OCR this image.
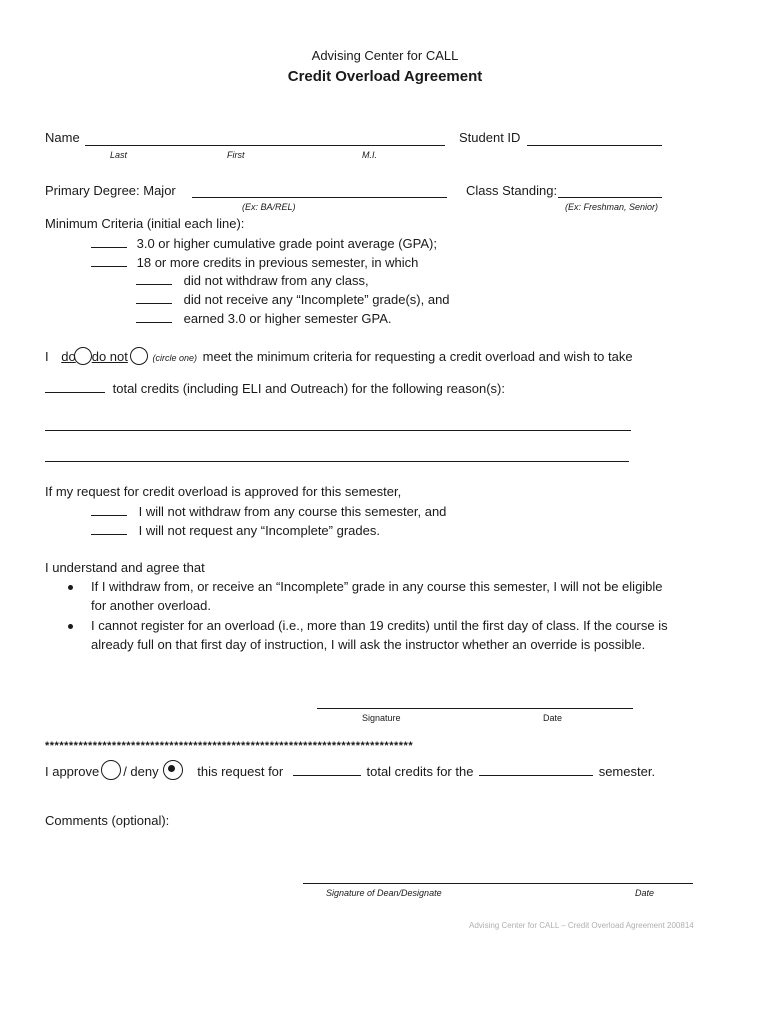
Advising Center for CALL
Credit Overload Agreement
Name
Last	First	M.I.
Student ID
Primary Degree: Major
(Ex: BA/REL)
Class Standing:
(Ex: Freshman, Senior)
Minimum Criteria (initial each line):
3.0 or higher cumulative grade point average (GPA);
18 or more credits in previous semester, in which
did not withdraw from any class,
did not receive any “Incomplete” grade(s), and
earned 3.0 or higher semester GPA.
I do do not	(circle one) meet the minimum criteria for requesting a credit overload and wish to take
total credits (including ELI and Outreach) for the following reason(s):
If my request for credit overload is approved for this semester,
I will not withdraw from any course this semester, and
I will not request any “Incomplete” grades.
I understand and agree that
If I withdraw from, or receive an “Incomplete” grade in any course this semester, I will not be eligible
for another overload.
I cannot register for an overload (i.e., more than 19 credits) until the first day of class. If the course is
already full on that first day of instruction, I will ask the instructor whether an override is possible.
Signature	Date
*****************************************************************************
I approve / deny	this request for	total credits for the	semester.
Comments (optional):
Signature of Dean/Designate	Date
Advising Center for CALL – Credit Overload Agreement 200814
